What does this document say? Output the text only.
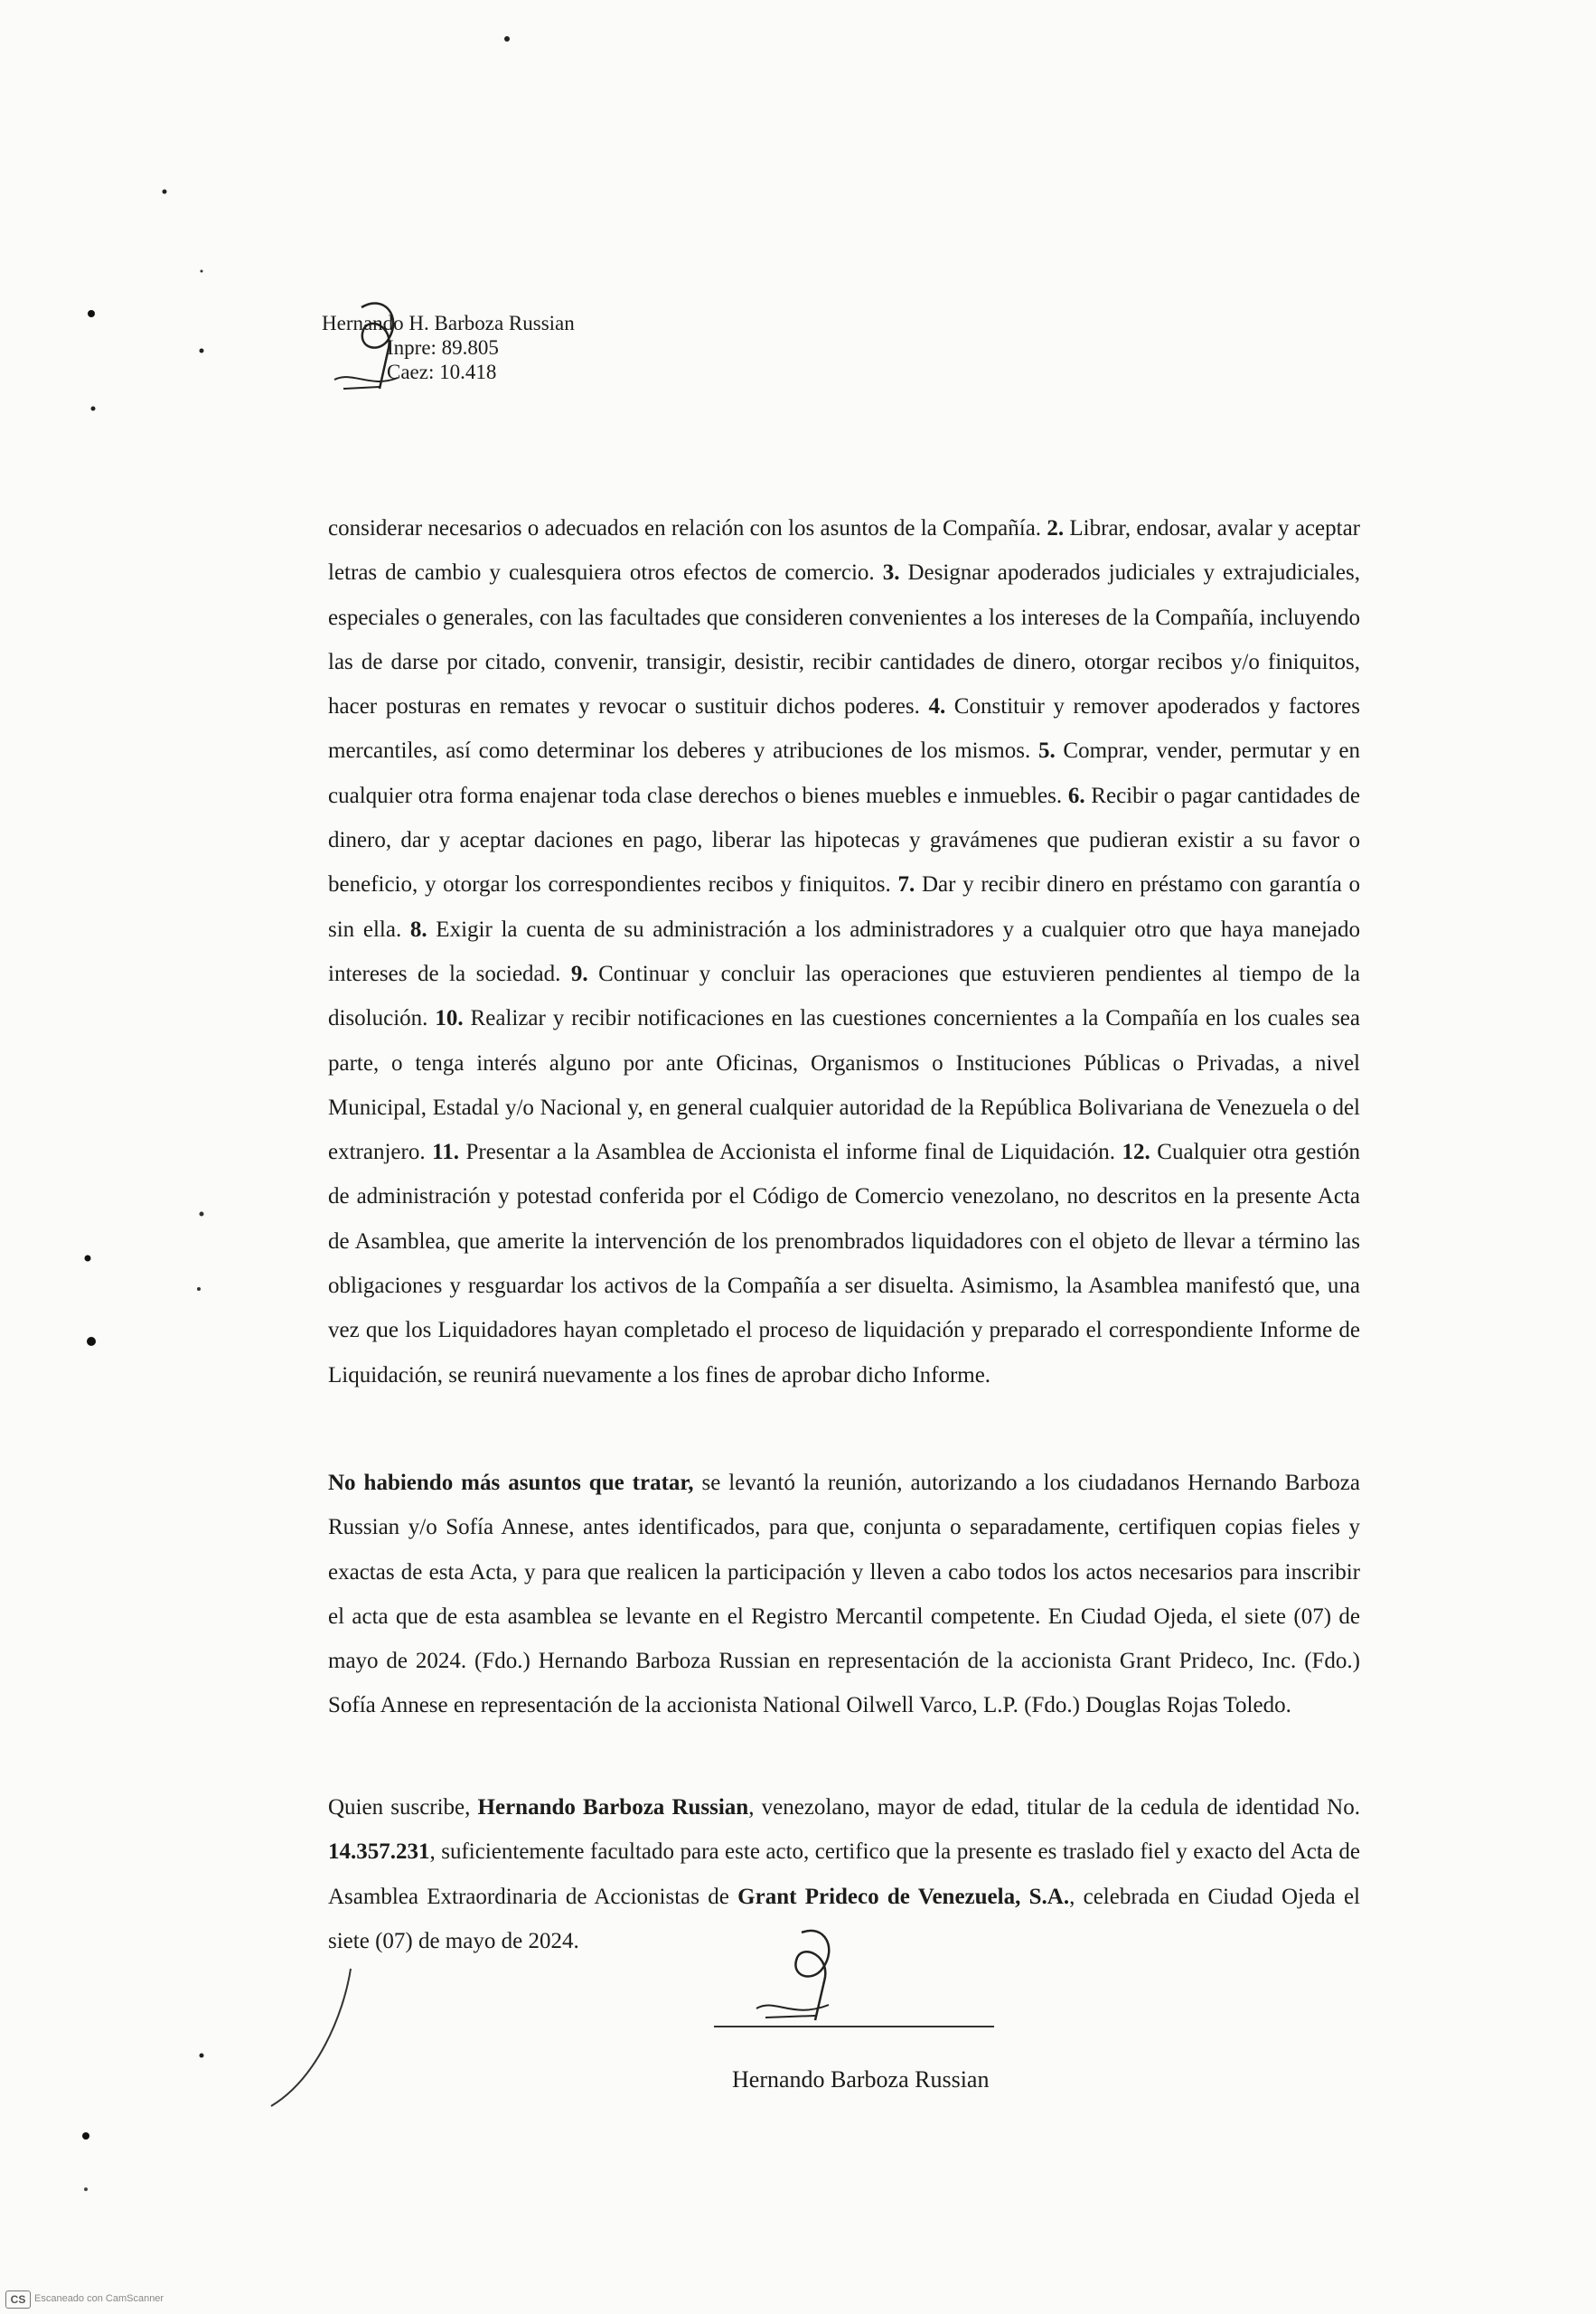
Hernando H. Barboza Russian
Inpre: 89.805
Caez: 10.418
considerar necesarios o adecuados en relación con los asuntos de la Compañía. 2. Librar, endosar, avalar y aceptar letras de cambio y cualesquiera otros efectos de comercio. 3. Designar apoderados judiciales y extrajudiciales, especiales o generales, con las facultades que consideren convenientes a los intereses de la Compañía, incluyendo las de darse por citado, convenir, transigir, desistir, recibir cantidades de dinero, otorgar recibos y/o finiquitos, hacer posturas en remates y revocar o sustituir dichos poderes. 4. Constituir y remover apoderados y factores mercantiles, así como determinar los deberes y atribuciones de los mismos. 5. Comprar, vender, permutar y en cualquier otra forma enajenar toda clase derechos o bienes muebles e inmuebles. 6. Recibir o pagar cantidades de dinero, dar y aceptar daciones en pago, liberar las hipotecas y gravámenes que pudieran existir a su favor o beneficio, y otorgar los correspondientes recibos y finiquitos. 7. Dar y recibir dinero en préstamo con garantía o sin ella. 8. Exigir la cuenta de su administración a los administradores y a cualquier otro que haya manejado intereses de la sociedad. 9. Continuar y concluir las operaciones que estuvieren pendientes al tiempo de la disolución. 10. Realizar y recibir notificaciones en las cuestiones concernientes a la Compañía en los cuales sea parte, o tenga interés alguno por ante Oficinas, Organismos o Instituciones Públicas o Privadas, a nivel Municipal, Estadal y/o Nacional y, en general cualquier autoridad de la República Bolivariana de Venezuela o del extranjero. 11. Presentar a la Asamblea de Accionista el informe final de Liquidación. 12. Cualquier otra gestión de administración y potestad conferida por el Código de Comercio venezolano, no descritos en la presente Acta de Asamblea, que amerite la intervención de los prenombrados liquidadores con el objeto de llevar a término las obligaciones y resguardar los activos de la Compañía a ser disuelta. Asimismo, la Asamblea manifestó que, una vez que los Liquidadores hayan completado el proceso de liquidación y preparado el correspondiente Informe de Liquidación, se reunirá nuevamente a los fines de aprobar dicho Informe.
No habiendo más asuntos que tratar, se levantó la reunión, autorizando a los ciudadanos Hernando Barboza Russian y/o Sofía Annese, antes identificados, para que, conjunta o separadamente, certifiquen copias fieles y exactas de esta Acta, y para que realicen la participación y lleven a cabo todos los actos necesarios para inscribir el acta que de esta asamblea se levante en el Registro Mercantil competente. En Ciudad Ojeda, el siete (07) de mayo de 2024. (Fdo.) Hernando Barboza Russian en representación de la accionista Grant Prideco, Inc. (Fdo.) Sofía Annese en representación de la accionista National Oilwell Varco, L.P. (Fdo.) Douglas Rojas Toledo.
Quien suscribe, Hernando Barboza Russian, venezolano, mayor de edad, titular de la cedula de identidad No. 14.357.231, suficientemente facultado para este acto, certifico que la presente es traslado fiel y exacto del Acta de Asamblea Extraordinaria de Accionistas de Grant Prideco de Venezuela, S.A., celebrada en Ciudad Ojeda el siete (07) de mayo de 2024.
Hernando Barboza Russian
CS Escaneado con CamScanner
